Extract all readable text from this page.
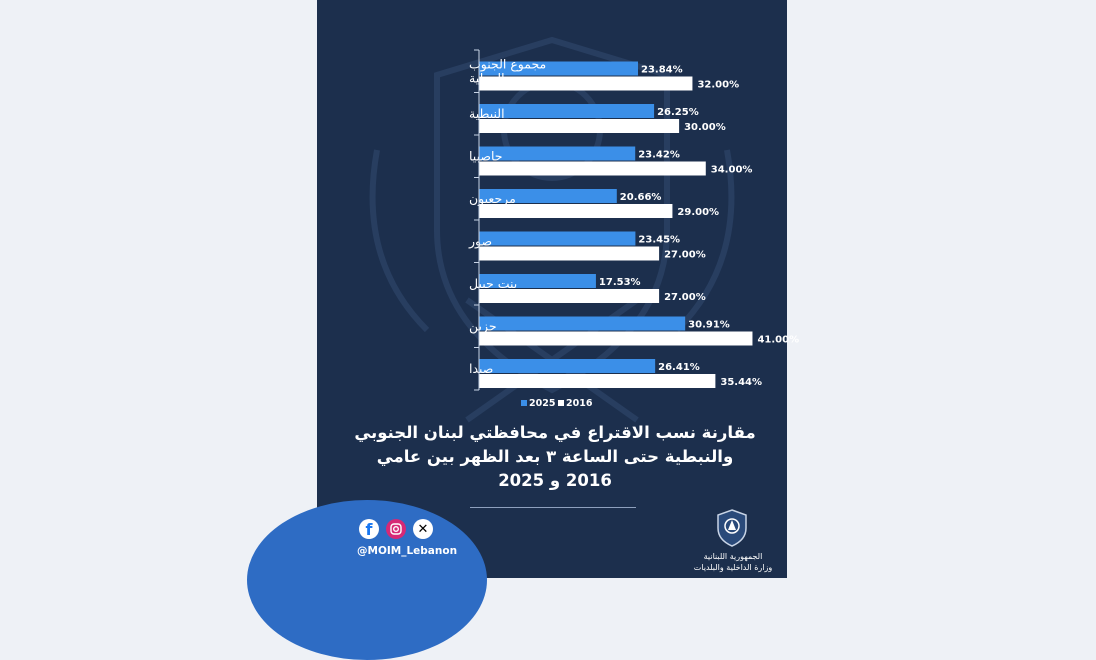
23.84%
32.00%
مجموع الجنوب
والنبطية
26.25%
30.00%
النبطية
23.42%
34.00%
حاصبيا
20.66%
29.00%
مرجعيون
23.45%
27.00%
صور
17.53%
27.00%
بنت جبيل
30.91%
41.00%
جزين
26.41%
35.44%
صيدا
2025 2016
مقارنة نسب الاقتراع في محافظتي لبنان الجنوبي
والنبطية حتى الساعة ٣ بعد الظهر بين عامي
2016 و 2025
f	✕
@MOIM_Lebanon	الجمهورية اللبنانية
وزارة الداخلية والبلديات
